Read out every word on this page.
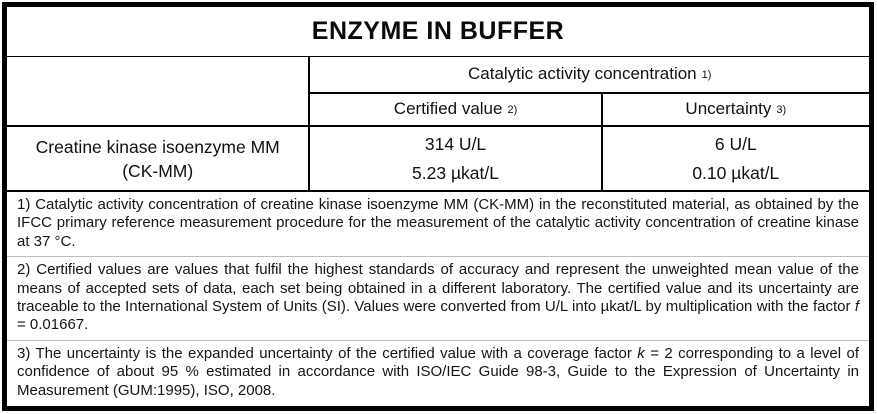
ENZYME IN BUFFER
Catalytic activity concentration 1)
Certified value 2)	Uncertainty 3)
Creatine kinase isoenzyme MM
(CK-MM)
314 U/L
5.23 µkat/L
6 U/L
0.10 µkat/L
1) Catalytic activity concentration of creatine kinase isoenzyme MM (CK-MM) in the reconstituted material, as obtained by the IFCC primary reference measurement procedure for the measurement of the catalytic activity concentration of creatine kinase at 37 °C.
2) Certified values are values that fulfil the highest standards of accuracy and represent the unweighted mean value of the means of accepted sets of data, each set being obtained in a different laboratory. The certified value and its uncertainty are traceable to the International System of Units (SI). Values were converted from U/L into µkat/L by multiplication with the factor f = 0.01667.
3) The uncertainty is the expanded uncertainty of the certified value with a coverage factor k = 2 corresponding to a level of confidence of about 95 % estimated in accordance with ISO/IEC Guide 98-3, Guide to the Expression of Uncertainty in Measurement (GUM:1995), ISO, 2008.
